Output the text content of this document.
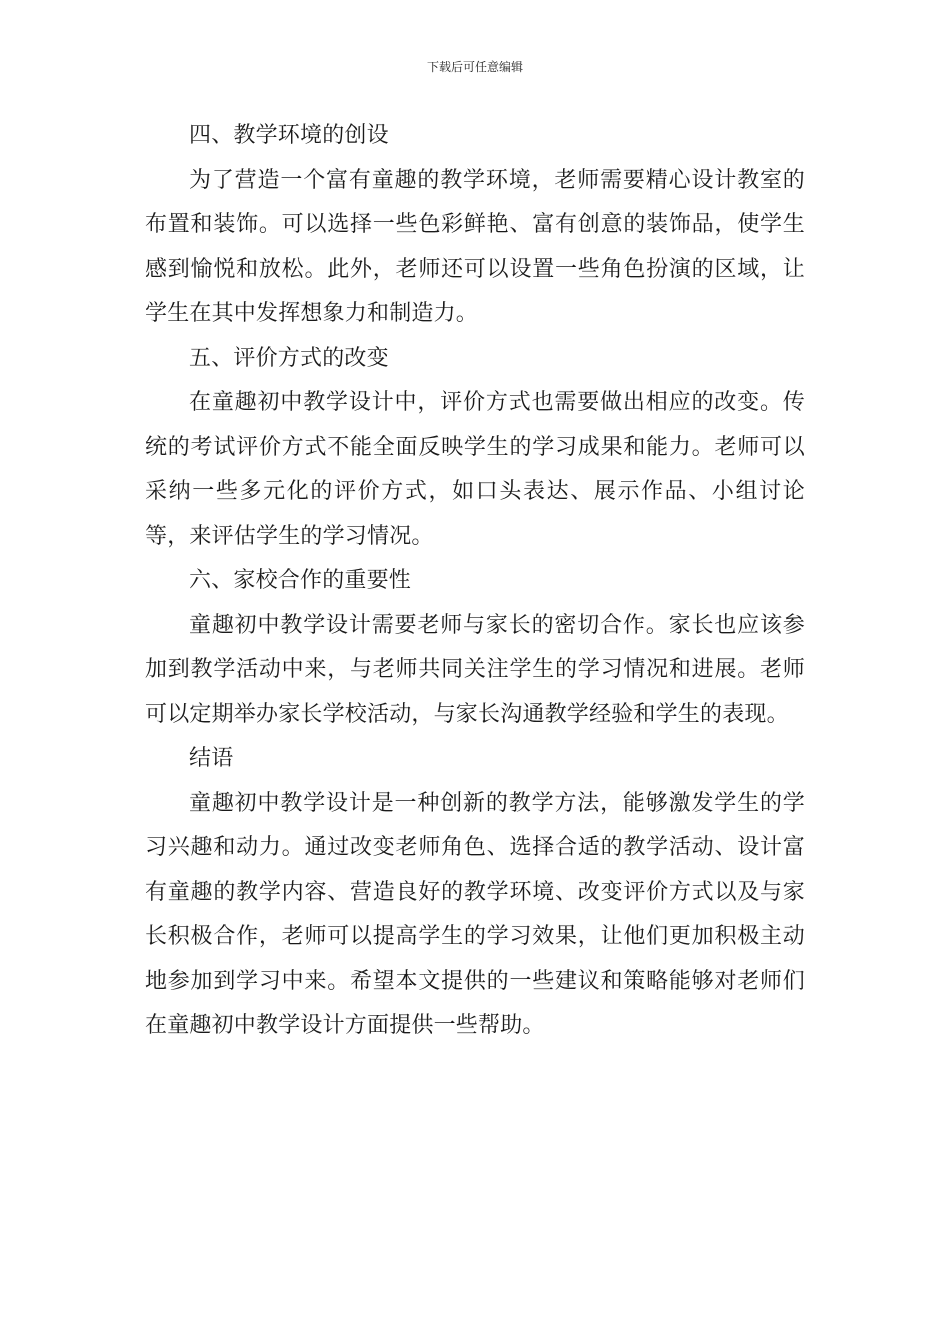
下载后可任意编辑

四、教学环境的创设

为了营造一个富有童趣的教学环境，老师需要精心设计教室的布置和装饰。可以选择一些色彩鲜艳、富有创意的装饰品，使学生感到愉悦和放松。此外，老师还可以设置一些角色扮演的区域，让学生在其中发挥想象力和制造力。

五、评价方式的改变

在童趣初中教学设计中，评价方式也需要做出相应的改变。传统的考试评价方式不能全面反映学生的学习成果和能力。老师可以采纳一些多元化的评价方式，如口头表达、展示作品、小组讨论等，来评估学生的学习情况。

六、家校合作的重要性

童趣初中教学设计需要老师与家长的密切合作。家长也应该参加到教学活动中来，与老师共同关注学生的学习情况和进展。老师可以定期举办家长学校活动，与家长沟通教学经验和学生的表现。

结语

童趣初中教学设计是一种创新的教学方法，能够激发学生的学习兴趣和动力。通过改变老师角色、选择合适的教学活动、设计富有童趣的教学内容、营造良好的教学环境、改变评价方式以及与家长积极合作，老师可以提高学生的学习效果，让他们更加积极主动地参加到学习中来。希望本文提供的一些建议和策略能够对老师们在童趣初中教学设计方面提供一些帮助。
